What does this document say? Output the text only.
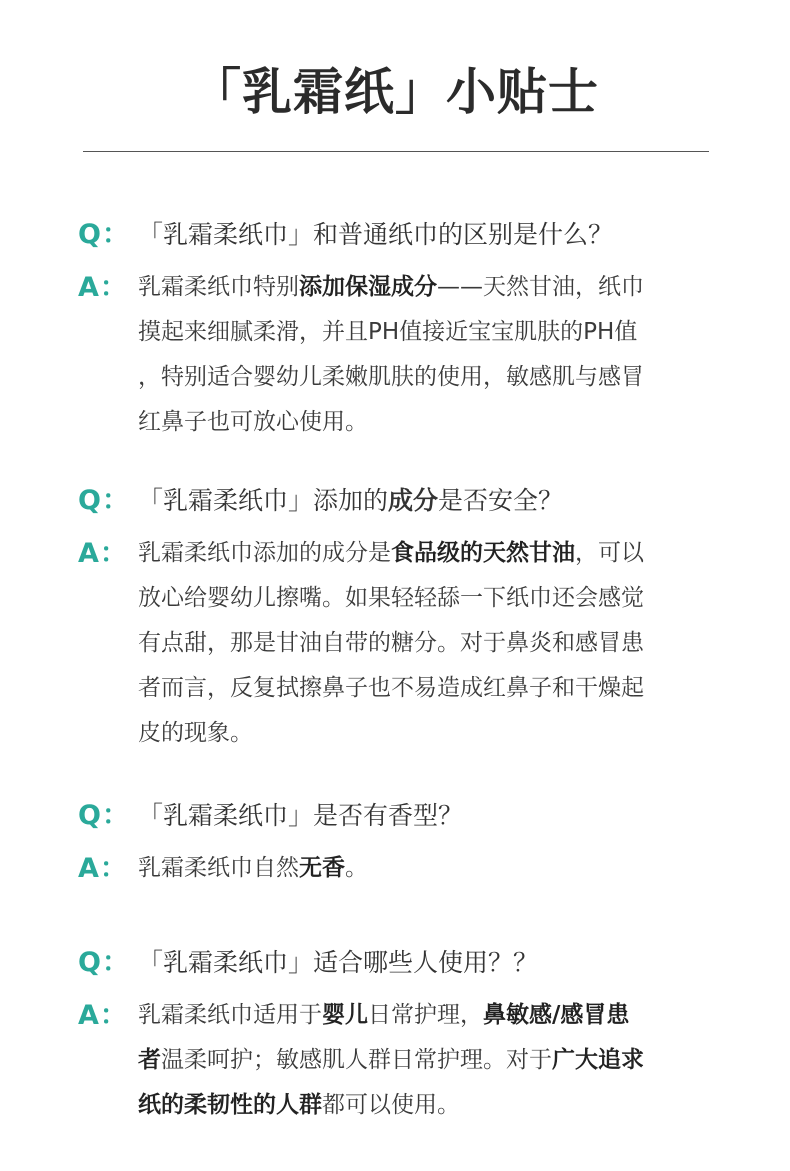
「乳霜纸」小贴士
Q： 「乳霜柔纸巾」和普通纸巾的区别是什么？
A： 乳霜柔纸巾特别添加保湿成分——天然甘油，纸巾
摸起来细腻柔滑，并且PH值接近宝宝肌肤的PH值
，特别适合婴幼儿柔嫩肌肤的使用，敏感肌与感冒
红鼻子也可放心使用。
Q： 「乳霜柔纸巾」添加的成分是否安全？
A： 乳霜柔纸巾添加的成分是食品级的天然甘油，可以
放心给婴幼儿擦嘴。如果轻轻舔一下纸巾还会感觉
有点甜，那是甘油自带的糖分。对于鼻炎和感冒患
者而言，反复拭擦鼻子也不易造成红鼻子和干燥起
皮的现象。
Q： 「乳霜柔纸巾」是否有香型？
A： 乳霜柔纸巾自然无香。
Q： 「乳霜柔纸巾」适合哪些人使用？？
A： 乳霜柔纸巾适用于婴儿日常护理，鼻敏感/感冒患
者温柔呵护；敏感肌人群日常护理。对于广大追求
纸的柔韧性的人群都可以使用。
